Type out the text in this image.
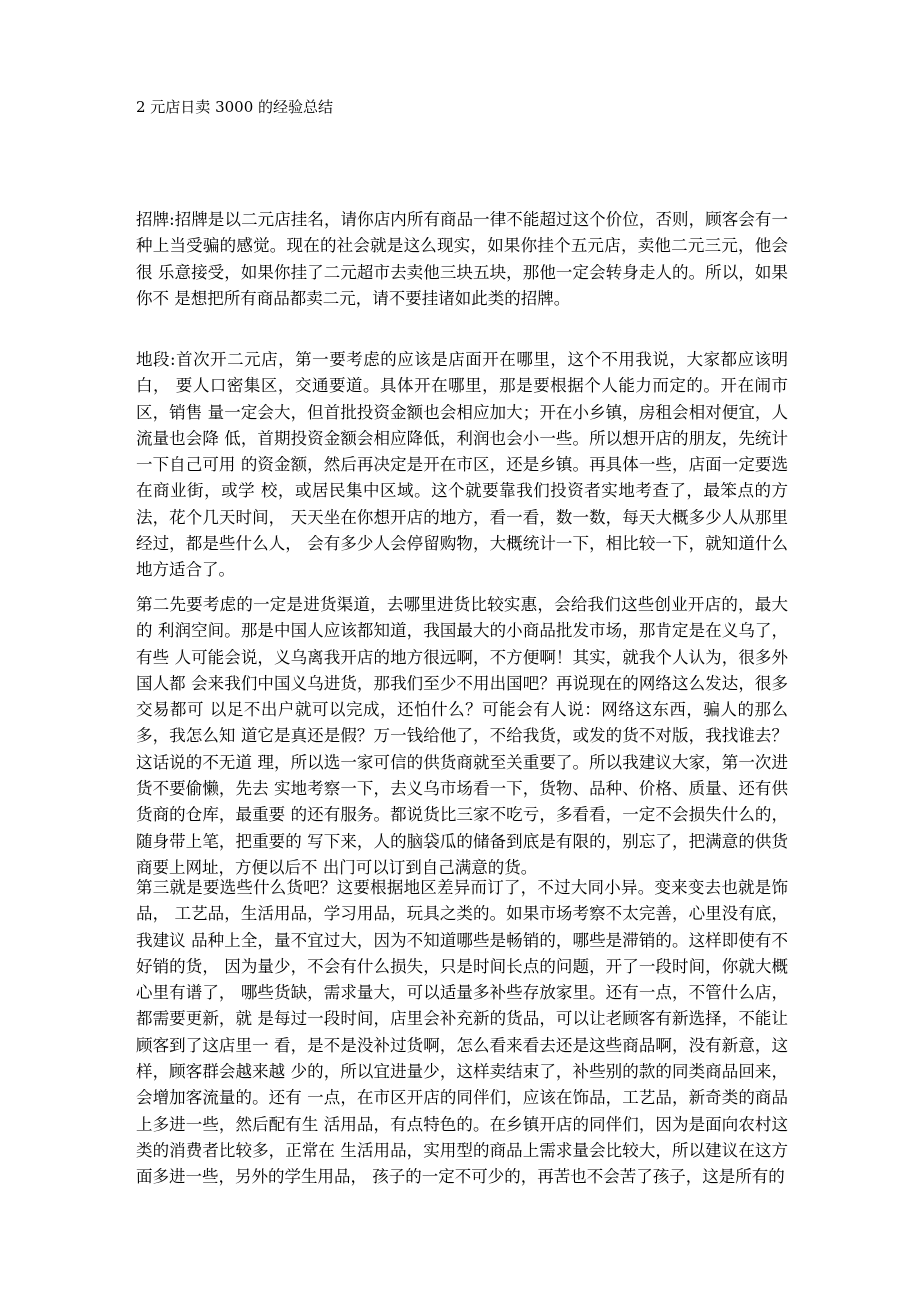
2 元店日卖 3000 的经验总结

招牌:招牌是以二元店挂名，请你店内所有商品一律不能超过这个价位，否则，顾客会有一种上当受骗的感觉。现在的社会就是这么现实，如果你挂个五元店，卖他二元三元，他会很 乐意接受，如果你挂了二元超市去卖他三块五块，那他一定会转身走人的。所以，如果你不 是想把所有商品都卖二元，请不要挂诸如此类的招牌。

地段:首次开二元店，第一要考虑的应该是店面开在哪里，这个不用我说，大家都应该明白， 要人口密集区，交通要道。具体开在哪里，那是要根据个人能力而定的。开在闹市区，销售 量一定会大，但首批投资金额也会相应加大；开在小乡镇，房租会相对便宜，人流量也会降 低，首期投资金额会相应降低，利润也会小一些。所以想开店的朋友，先统计一下自己可用 的资金额，然后再决定是开在市区，还是乡镇。再具体一些，店面一定要选在商业街，或学 校，或居民集中区域。这个就要靠我们投资者实地考查了，最笨点的方法，花个几天时间， 天天坐在你想开店的地方，看一看，数一数，每天大概多少人从那里经过，都是些什么人， 会有多少人会停留购物，大概统计一下，相比较一下，就知道什么地方适合了。

第二先要考虑的一定是进货渠道，去哪里进货比较实惠，会给我们这些创业开店的，最大的 利润空间。那是中国人应该都知道，我国最大的小商品批发市场，那肯定是在义乌了，有些 人可能会说，义乌离我开店的地方很远啊，不方便啊！其实，就我个人认为，很多外国人都 会来我们中国义乌进货，那我们至少不用出国吧？再说现在的网络这么发达，很多交易都可 以足不出户就可以完成，还怕什么？可能会有人说：网络这东西，骗人的那么多，我怎么知 道它是真还是假？万一钱给他了，不给我货，或发的货不对版，我找谁去？这话说的不无道 理，所以选一家可信的供货商就至关重要了。所以我建议大家，第一次进货不要偷懒，先去 实地考察一下，去义乌市场看一下，货物、品种、价格、质量、还有供货商的仓库，最重要 的还有服务。都说货比三家不吃亏，多看看，一定不会损失什么的，随身带上笔，把重要的 写下来，人的脑袋瓜的储备到底是有限的，别忘了，把满意的供货商要上网址，方便以后不 出门可以订到自己满意的货。

第三就是要选些什么货吧？这要根据地区差异而订了，不过大同小异。变来变去也就是饰品， 工艺品，生活用品，学习用品，玩具之类的。如果市场考察不太完善，心里没有底，我建议 品种上全，量不宜过大，因为不知道哪些是畅销的，哪些是滞销的。这样即使有不好销的货， 因为量少，不会有什么损失，只是时间长点的问题，开了一段时间，你就大概心里有谱了， 哪些货缺，需求量大，可以适量多补些存放家里。还有一点，不管什么店，都需要更新，就 是每过一段时间，店里会补充新的货品，可以让老顾客有新选择，不能让顾客到了这店里一 看，是不是没补过货啊，怎么看来看去还是这些商品啊，没有新意，这样，顾客群会越来越 少的，所以宜进量少，这样卖结束了，补些别的款的同类商品回来，会增加客流量的。还有 一点，在市区开店的同伴们，应该在饰品，工艺品，新奇类的商品上多进一些，然后配有生 活用品，有点特色的。在乡镇开店的同伴们，因为是面向农村这类的消费者比较多，正常在 生活用品，实用型的商品上需求量会比较大，所以建议在这方面多进一些，另外的学生用品， 孩子的一定不可少的，再苦也不会苦了孩子，这是所有的
